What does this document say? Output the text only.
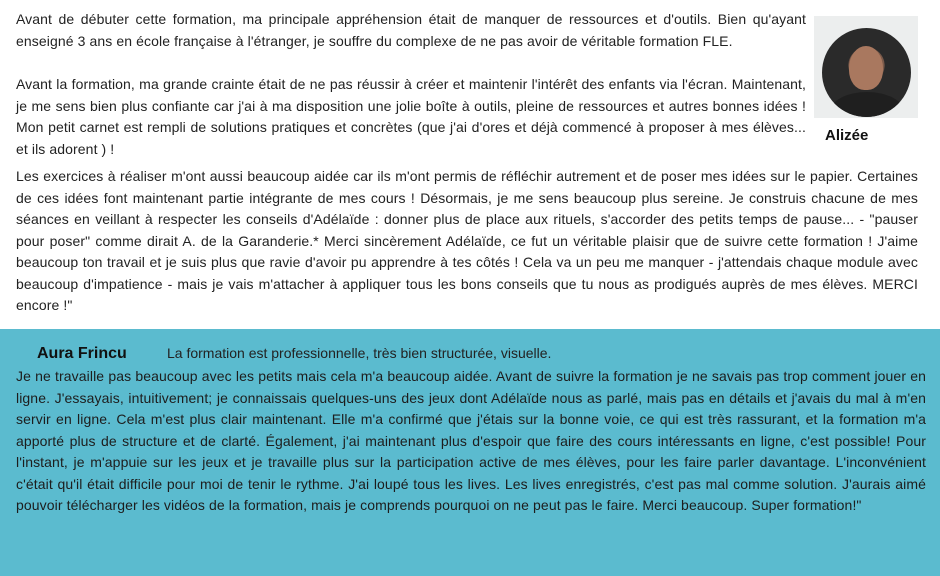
Avant de débuter cette formation, ma principale appréhension était de manquer de ressources et d'outils. Bien qu'ayant enseigné 3 ans en école française à l'étranger, je souffre du complexe de ne pas avoir de véritable formation FLE.

Avant la formation, ma grande crainte était de ne pas réussir à créer et maintenir l'intérêt des enfants via l'écran. Maintenant, je me sens bien plus confiante car j'ai à ma disposition une jolie boîte à outils, pleine de ressources et autres bonnes idées ! Mon petit carnet est rempli de solutions pratiques et concrètes (que j'ai d'ores et déjà commencé à proposer à mes élèves... et ils adorent ) !

Alizée

Les exercices à réaliser m'ont aussi beaucoup aidée car ils m'ont permis de réfléchir autrement et de poser mes idées sur le papier. Certaines de ces idées font maintenant partie intégrante de mes cours ! Désormais, je me sens beaucoup plus sereine. Je construis chacune de mes séances en veillant à respecter les conseils d'Adélaïde : donner plus de place aux rituels, s'accorder des petits temps de pause... - "pauser pour poser" comme dirait A. de la Garanderie.* Merci sincèrement Adélaïde, ce fut un véritable plaisir que de suivre cette formation ! J'aime beaucoup ton travail et je suis plus que ravie d'avoir pu apprendre à tes côtés ! Cela va un peu me manquer - j'attendais chaque module avec beaucoup d'impatience - mais je vais m'attacher à appliquer tous les bons conseils que tu nous as prodigués auprès de mes élèves. MERCI encore !"

Aura Frincu	La formation est professionnelle, très bien structurée, visuelle.

Je ne travaille pas beaucoup avec les petits mais cela m'a beaucoup aidée. Avant de suivre la formation je ne savais pas trop comment jouer en ligne. J'essayais, intuitivement; je connaissais quelques-uns des jeux dont Adélaïde nous as parlé, mais pas en détails et j'avais du mal à m'en servir en ligne. Cela m'est plus clair maintenant. Elle m'a confirmé que j'étais sur la bonne voie, ce qui est très rassurant, et la formation m'a apporté plus de structure et de clarté. Également, j'ai maintenant plus d'espoir que faire des cours intéressants en ligne, c'est possible! Pour l'instant, je m'appuie sur les jeux et je travaille plus sur la participation active de mes élèves, pour les faire parler davantage. L'inconvénient c'était qu'il était difficile pour moi de tenir le rythme. J'ai loupé tous les lives. Les lives enregistrés, c'est pas mal comme solution. J'aurais aimé pouvoir télécharger les vidéos de la formation, mais je comprends pourquoi on ne peut pas le faire. Merci beaucoup. Super formation!"
